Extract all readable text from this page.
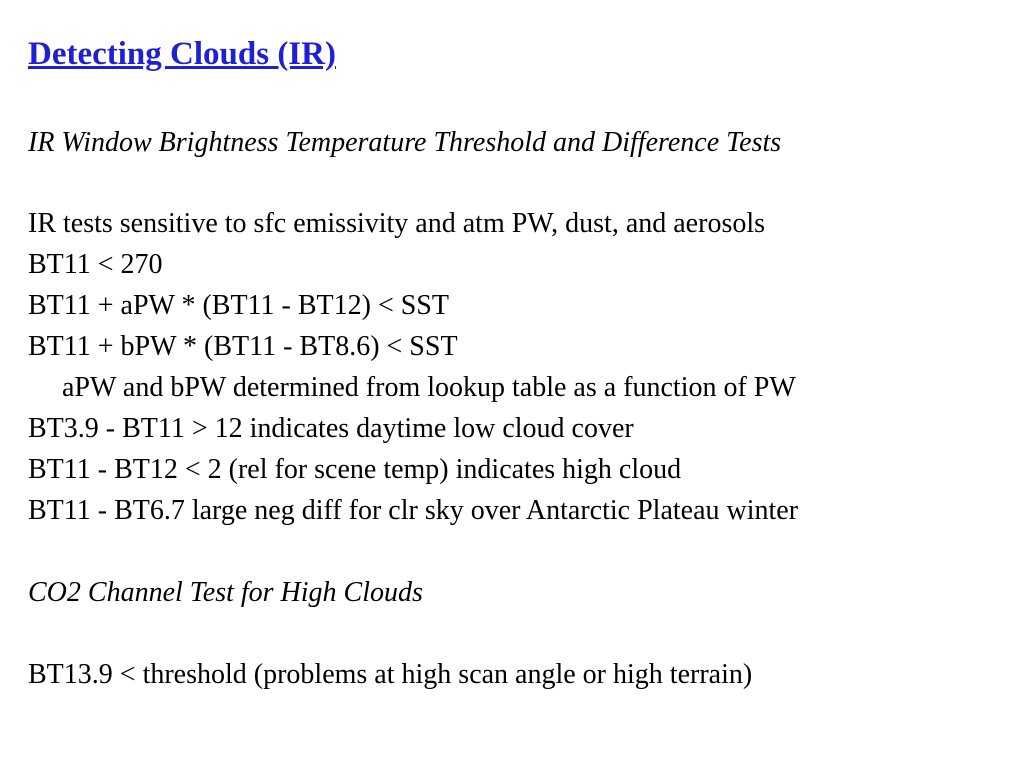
Detecting Clouds (IR)
IR Window Brightness Temperature Threshold and Difference Tests
IR tests sensitive to sfc emissivity and atm PW, dust, and aerosols
BT11 < 270
BT11 + aPW * (BT11 - BT12) < SST
BT11 + bPW * (BT11 - BT8.6) < SST
aPW and bPW determined from lookup table as a function of PW
BT3.9 - BT11 > 12 indicates daytime low cloud cover
BT11 - BT12 < 2 (rel for scene temp) indicates high cloud
BT11 - BT6.7 large neg diff for clr sky over Antarctic Plateau winter
CO2 Channel Test for High Clouds
BT13.9 < threshold (problems at high scan angle or high terrain)
